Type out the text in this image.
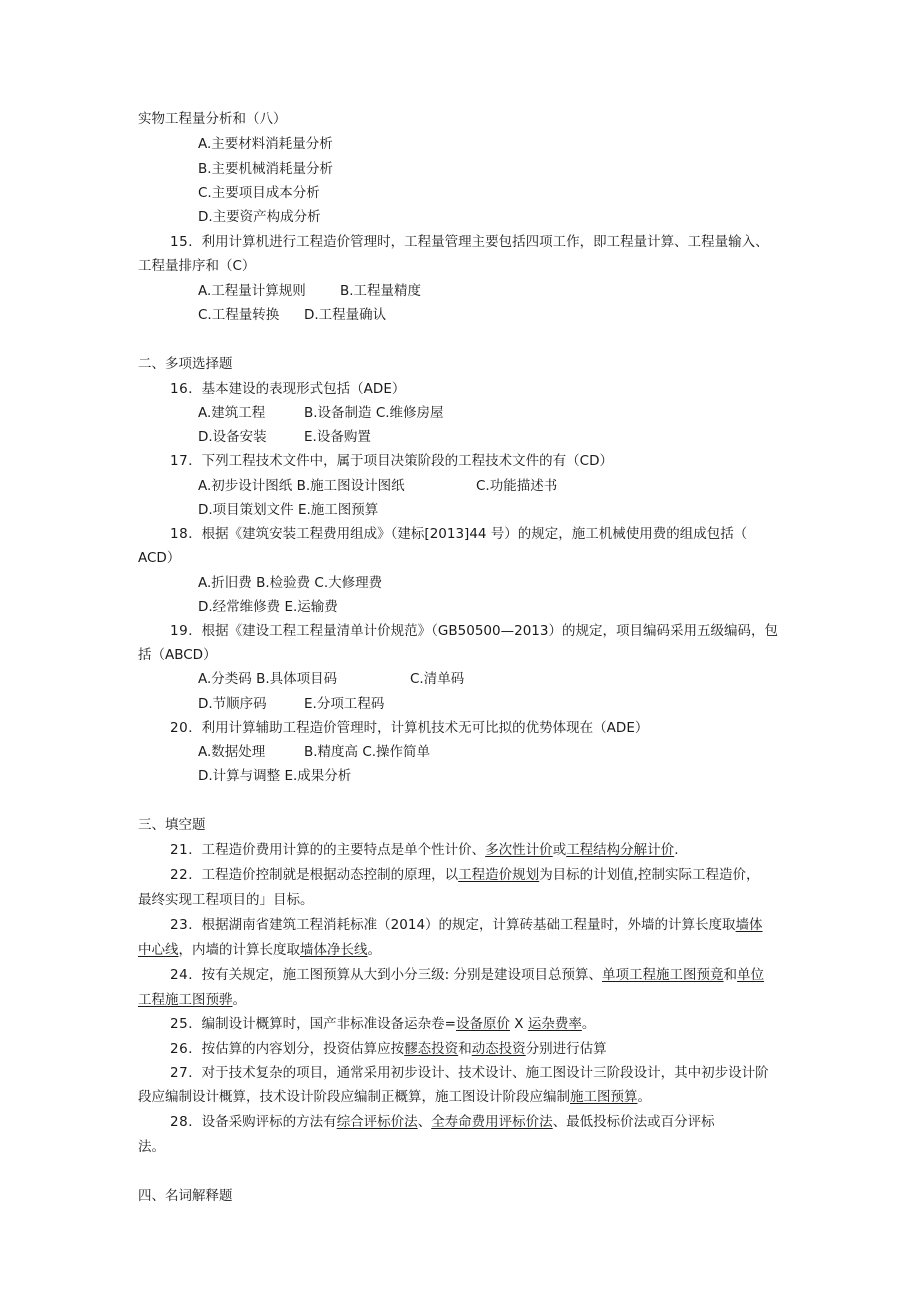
实物工程量分析和（八）
A.主要材料消耗量分析
B.主要机械消耗量分析
C.主要项目成本分析
D.主要资产构成分析
15．利用计算机进行工程造价管理时，工程量管理主要包括四项工作，即工程量计算、工程量输入、
工程量排序和（C）
A.工程量计算规则	B.工程量精度
C.工程量转换 D.工程量确认
二、多项选择题
16．基本建设的表现形式包括（ADE）
A.建筑工程	B.设备制造 C.维修房屋
D.设备安装	E.设备购置
17．下列工程技术文件中，属于项目决策阶段的工程技术文件的有（CD）
A.初步设计图纸 B.施工图设计图纸	C.功能描述书
D.项目策划文件 E.施工图预算
18．根据《建筑安装工程费用组成》（建标[2013]44 号）的规定，施工机械使用费的组成包括（
ACD）
A.折旧费 B.检验费 C.大修理费
D.经常维修费 E.运输费
19．根据《建设工程工程量清单计价规范》（GB50500—2013）的规定，项目编码采用五级编码，包
括（ABCD）
A.分类码 B.具体项目码	C.清单码
D.节顺序码	E.分项工程码
20．利用计算辅助工程造价管理时，计算机技术无可比拟的优势体现在（ADE）
A.数据处理	B.精度高 C.操作简单
D.计算与调整 E.成果分析
三、填空题
21．工程造价费用计算的的主要特点是单个性计价、多次性计价或工程结构分解计价.
22．工程造价控制就是根据动态控制的原理，以工程造价规划为目标的计划值,控制实际工程造价，
最终实现工程项目的」目标。
23．根据湖南省建筑工程消耗标准（2014）的规定，计算砖基础工程量时，外墙的计算长度取墙体
中心线，内墙的计算长度取墙体净长线。
24．按有关规定，施工图预算从大到小分三级: 分别是建设项目总预算、单项工程施工图预竟和单位
工程施工图预骅。
25．编制设计概算时，国产非标准设备运杂卷=设备原价 X 运杂费率。
26．按估算的内容划分，投资估算应按髎态投资和动态投资分别进行估算
27．对于技术复杂的项目，通常采用初步设计、技术设计、施工图设计三阶段设计，其中初步设计阶
段应编制设计概算，技术设计阶段应编制正概算，施工图设计阶段应编制施工图预算。
28．设备采购评标的方法有综合评标价法、全寿命费用评标价法、最低投标价法或百分评标
法。
四、名词解释题
